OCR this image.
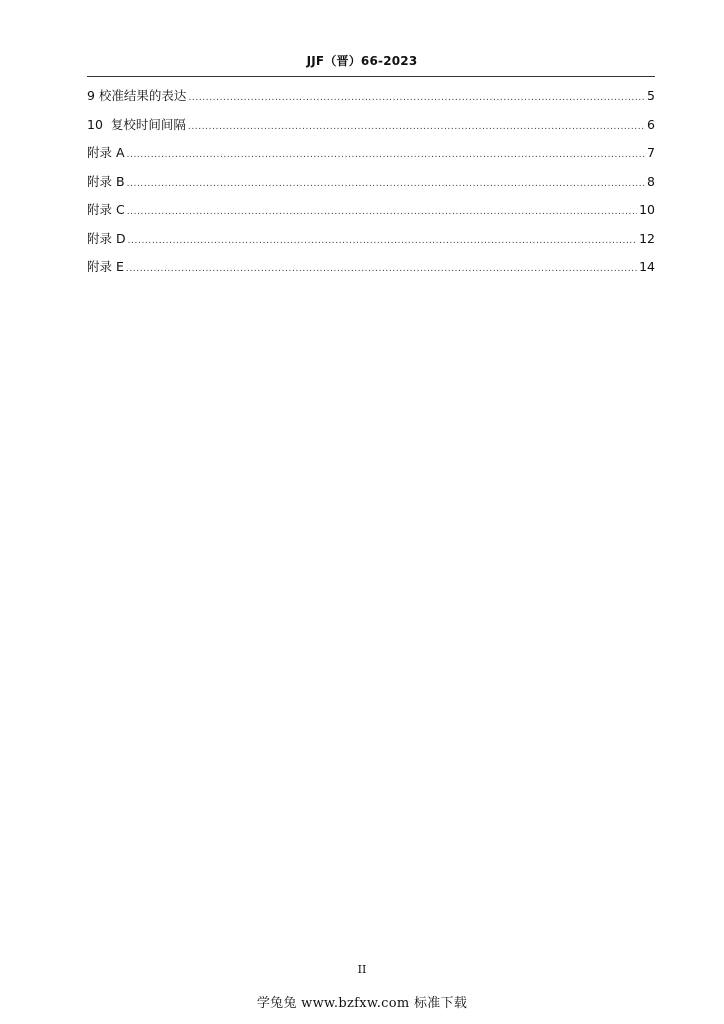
JJF（晋）66-2023
9 校准结果的表达 .....	5
10  复校时间间隔 .....	6
附录 A .....	7
附录 B .....	8
附录 C .....	10
附录 D .....	12
附录 E .....	14
II
学兔兔 www.bzfxw.com 标准下载
